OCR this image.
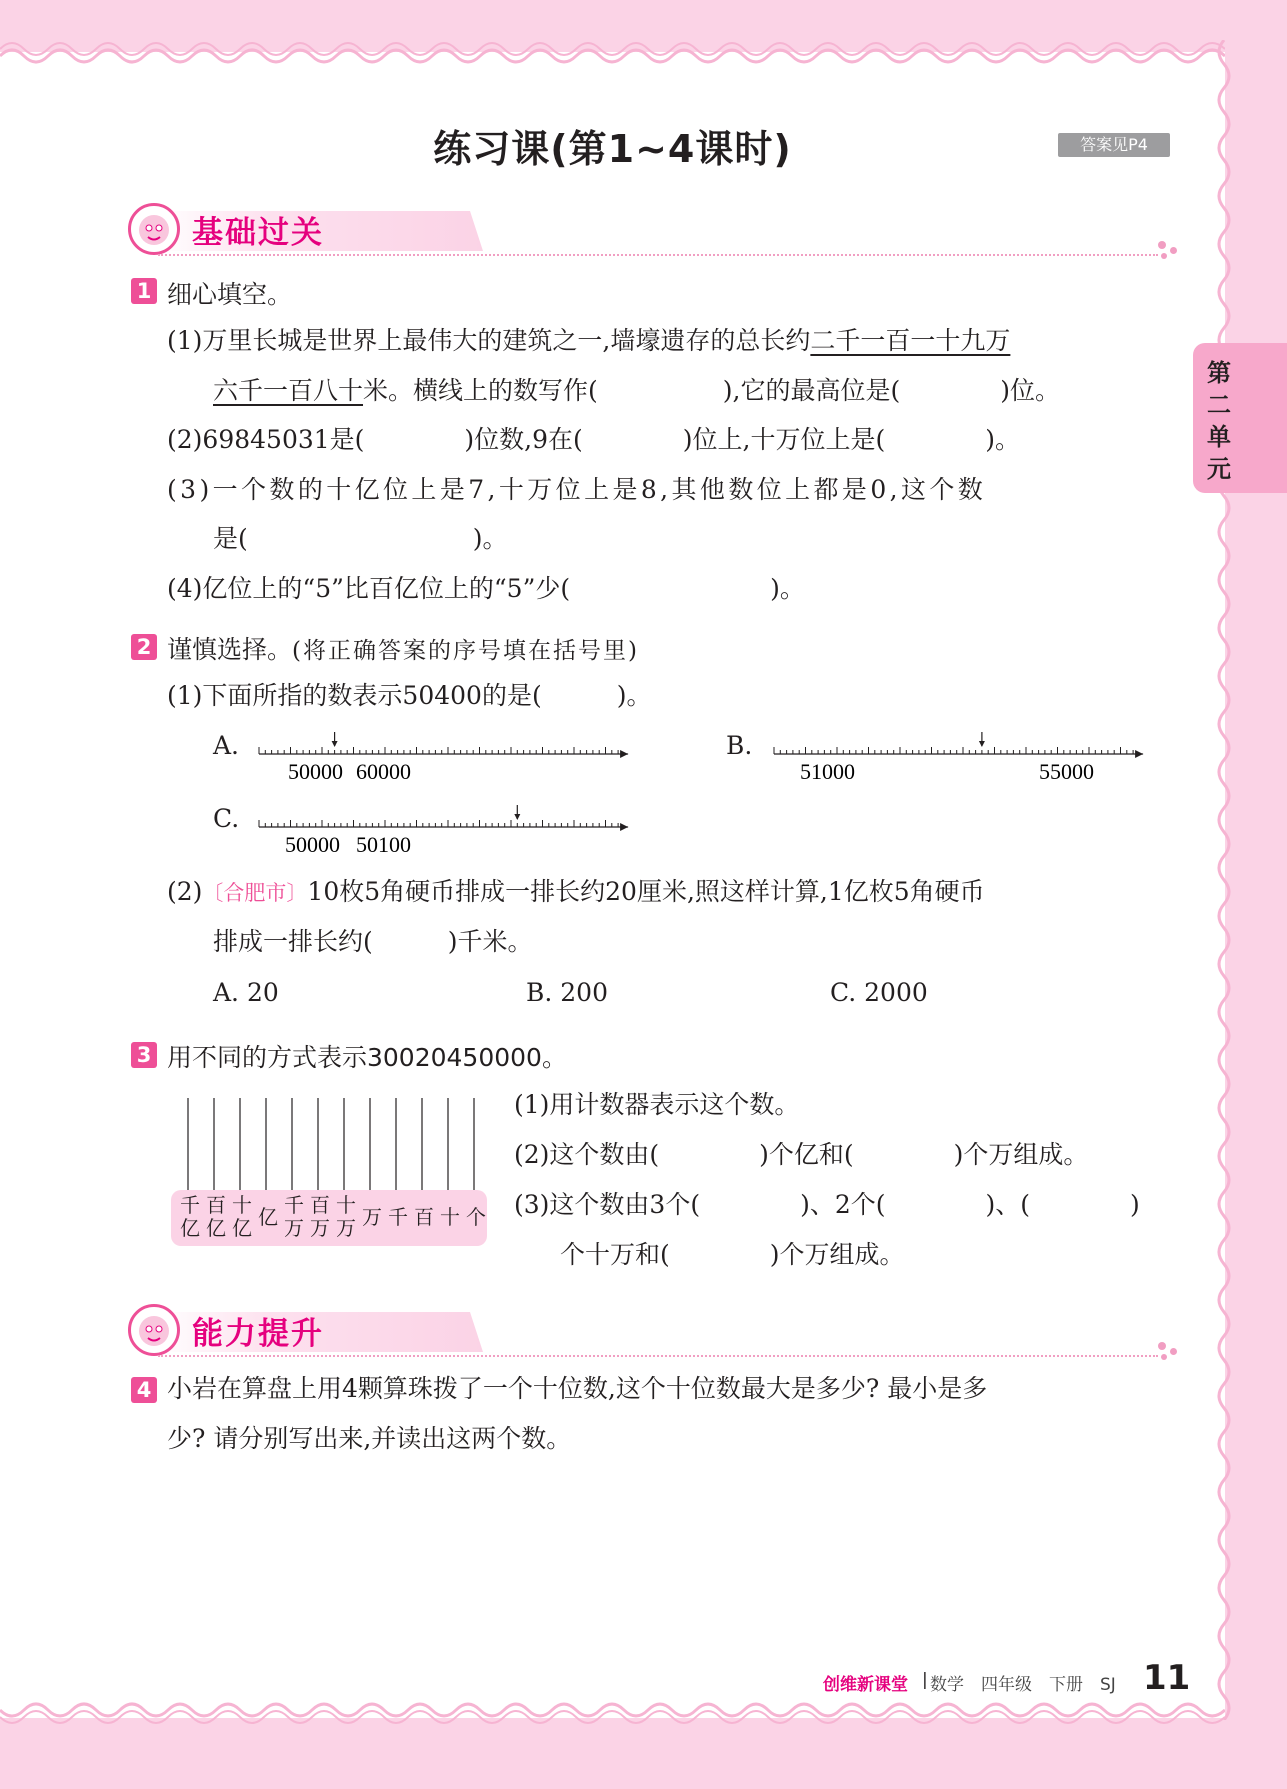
练习课(第1~4课时)	答案见P4
第二单元
基础过关
1 细心填空。
(1)万里长城是世界上最伟大的建筑之一,墙壕遗存的总长约二千一百一十九万
六千一百八十米。横线上的数写作(　　　　　),它的最高位是(　　　　)位。
(2)69845031是(　　　　)位数,9在(　　　　)位上,十万位上是(　　　　)。
(3)一个数的十亿位上是7,十万位上是8,其他数位上都是0,这个数
是(　　　　　　　　　)。
(4)亿位上的“5”比百亿位上的“5”少(　　　　　　　　)。
2 谨慎选择。(将正确答案的序号填在括号里)
(1)下面所指的数表示50400的是(　　　)。
A.	B.
C.
50000 60000	51000	55000
50000 50100
(2)〔合肥市〕10枚5角硬币排成一排长约20厘米,照这样计算,1亿枚5角硬币
排成一排长约(　　　)千米。
A. 20	B. 200	C. 2000
3 用不同的方式表示30020450000。
千亿
百亿
十亿 亿 千万
百万
十万 万 千 百 十 个
(1)用计数器表示这个数。
(2)这个数由(　　　　)个亿和(　　　　)个万组成。
(3)这个数由3个(　　　　)、2个(　　　　)、(　　　　)
个十万和(　　　　)个万组成。
能力提升
4 小岩在算盘上用4颗算珠拨了一个十位数,这个十位数最大是多少? 最小是多
少? 请分别写出来,并读出这两个数。
创维新课堂 | 数学　四年级　下册　SJ 11
